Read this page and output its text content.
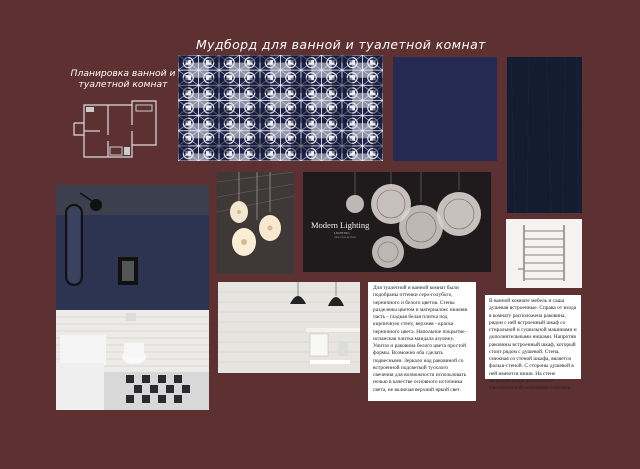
Мудборд для ванной и туалетной комнат
Планировка ванной и туалетной комнат
Modern Lighting
LIGHTING
NEW COLLECTION
Для туалетной и ванной комнат были подобраны оттенки серо-голубого, черничного и белого цветов. Стены разделены цветом и материалом: нижняя часть - гладкая белая плитка под кирпичную стену, верхняя - краска черничного цвета. Напольное покрытие - испанская плитка мандала азулежу. Унитаз и раковина белого цвета простой формы. Возможно оба сделать подвесными. Зеркало над раковиной со встроенной подсветкой тусклого свечения для возможности использовать ночью в качестве основного источника света, не включая верхний яркий свет.
В ванной комнате мебель и саша душевая встроенные. Справа от входа в комнату расположена раковина, рядом с ней встроенный шкаф со стиральной и сушильной машинами и дополнительными нишами. Напротив раковины встроенный шкаф, который стоит рядом с душевой. Стена, смежная со стеной шкафа, является фальш-стеной. С стороны душевой в ней имеются ниши. На стене напротив входа расположен электрический полотенцесушитель.
